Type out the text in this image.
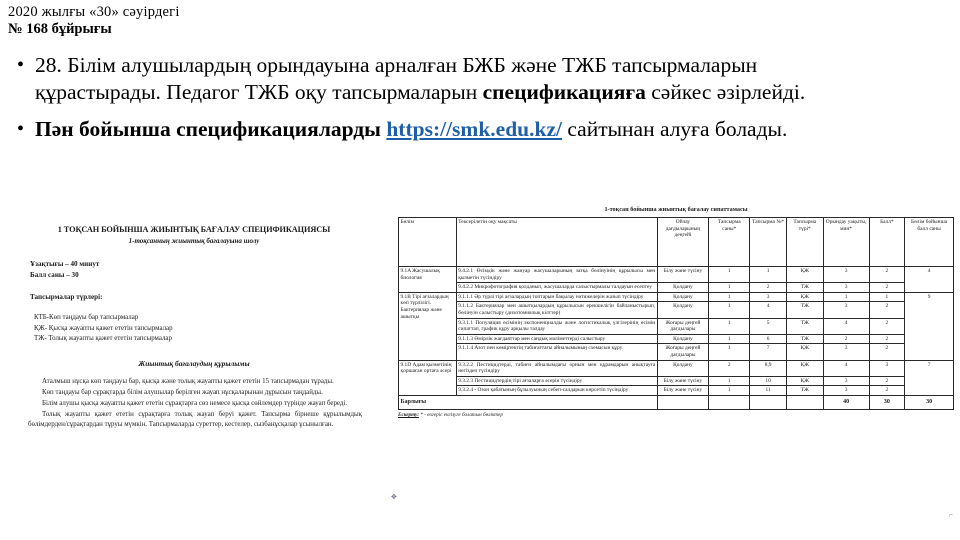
2020 жылғы «30» сәуірдегі
№ 168 бұйрығы
• 28. Білім алушылардың орындауына арналған БЖБ және ТЖБ тапсырмаларын құрастырады. Педагог ТЖБ оқу тапсырмаларын спецификацияға сәйкес әзірлейді.
• Пән бойынша спецификацияларды https://smk.edu.kz/ сайтынан алуға болады.
1 ТОҚСАН БОЙЫНША ЖИЫНТЫҚ БАҒАЛАУ СПЕЦИФИКАЦИЯСЫ
1-тоқсанның жиынтық бағалауына шолу
Ұзақтығы – 40 минут
Балл саны – 30
Тапсырмалар түрлері:
КТБ-Көп таңдауы бар тапсырмалар
ҚЖ- Қысқа жауапты қажет ететін тапсырмалар
ТЖ- Толық жауапты қажет ететін тапсырмалар
Жиынтық бағалаудың құрылымы
Аталмыш нұсқа көп таңдауы бар, қысқа және толық жауапты қажет ететін 15 тапсырмадан тұрады.
Көп таңдауы бар сұрақтарда білім алушылар берілген жауап нұсқаларынан дұрысын таңдайды.
Білім алушы қысқа жауапты қажет ететін сұрақтарға сөз немесе қысқа сөйлемдер түрінде жауап береді.
Толық жауапты қажет ететін сұрақтарға толық жауап беруі қажет. Тапсырма бірнеше құрылымдық бөлімдерден/сұрақтардан тұруы мүмкін. Тапсырмаларда суреттер, кестелер, сызбанұсқалар ұсынылған.
1-тоқсан бойынша жиынтық бағалау сипаттамасы
Бөлім	Тексерілетін оқу мақсаты	Ойлау дағдыларының деңгейі	Тапсырма саны*	Тапсырма №*	Тапсырма түрі*	Орындау уақыты, мин*	Балл*	Бөлім бойынша балл саны
9.1A Жасушалық биология	9.4.2.1 Өсімдік және жануар жасушаларының затқа бөлінуінің құрылысы мен қызметін түсіндіру	Білу және түсіну	1	1	ҚЖ	3	2	4
	9.4.2.2 Микрофотография қолданып, жасушаларда салыстырмалы талдауын есептеу	Қолдану	1	2	ТЖ	3	2	
9.1B Тірі ағзалардың көп түрлілігі. Бактериялар және ашытқы	9.1.1.1 Әр түрлі тірі ағзалардың топтарын бақылау нәтижелерін жазып түсіндіру	Қолдану	1	3	ҚЖ	1	1	9
	9.1.1.2 Бактериялар мен ашытқылардың құрылысын ерекшелігін байланыстырып, бөлінуін салыстыру (дихотомиялық кілттер)	Қолдану	1	4	ТЖ	3	2	
	9.3.1.1 Популяция өсімінің экспоненциалды және логистикалық үлгілерінің өсімін сипаттап, график құру арқылы талдау	Жоғары деңгей дағдылары	1	5	ТЖ	4	2	
	9.1.1.3 Өмірлік жағдаяттар мен сандық мәліметтерді салыстыру	Қолдану	1	6	ТЖ	2	2	
	9.1.1.4 Азот пен көміртектің табиғаттағы айналымының схемасын құру	Жоғары деңгей дағдылары	1	7	ҚЖ	3	2	
9.1D Адам қызметінің қоршаған ортаға әсері	9.3.2.2 Пестицидтерді, табиғи айналымдағы орнын мен құрамдарын анықтауға негіздеп түсіндіру	Қолдану	2	8,9	ҚЖ	4	3	7
	9.3.2.3 Пестицидтердің тірі ағзаларға әсерін түсіндіру	Білу және түсіну	1	10	ҚЖ	3	2	
	9.3.2.4 - Озон қабатының бұзылуының себеп-салдарын көрсетіп түсіндіру	Білу және түсіну	1	11	ТЖ	3	2	
Барлығы						40	30	30
Ескерту: * - өзгеріс енгізуге болатын бөліктер
✥
⌐
